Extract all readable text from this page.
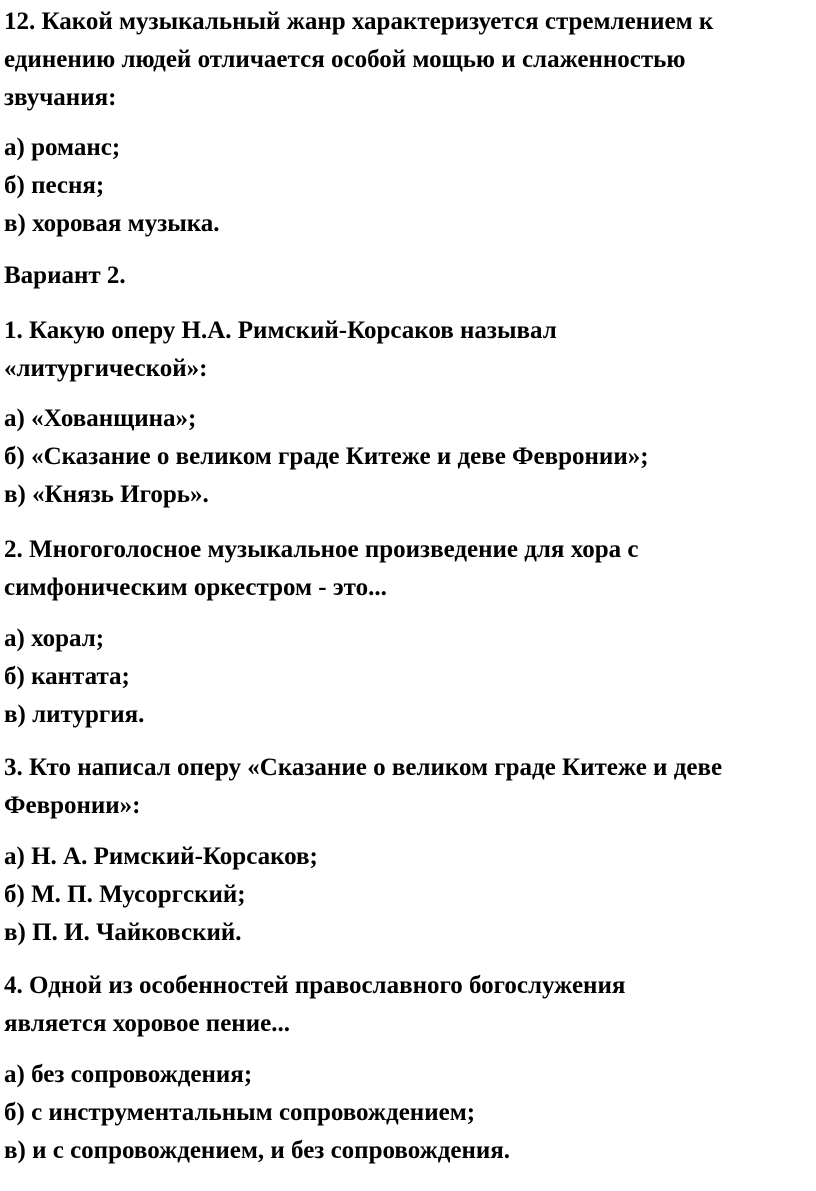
12. Какой музыкальный жанр характеризуется стремлением к
единению людей отличается особой мощью и слаженностью
звучания:
а) романс;
б) песня;
в) хоровая музыка.
Вариант 2.
1. Какую оперу Н.А. Римский-Корсаков называл
«литургической»:
а) «Хованщина»;
б) «Сказание о великом граде Китеже и деве Февронии»;
в) «Князь Игорь».
2. Многоголосное музыкальное произведение для хора с
симфоническим оркестром - это...
а) хорал;
б) кантата;
в) литургия.
3. Кто написал оперу «Сказание о великом граде Китеже и деве
Февронии»:
а) Н. А. Римский-Корсаков;
б) М. П. Мусоргский;
в) П. И. Чайковский.
4. Одной из особенностей православного богослужения
является хоровое пение...
а) без сопровождения;
б) с инструментальным сопровождением;
в) и с сопровождением, и без сопровождения.
